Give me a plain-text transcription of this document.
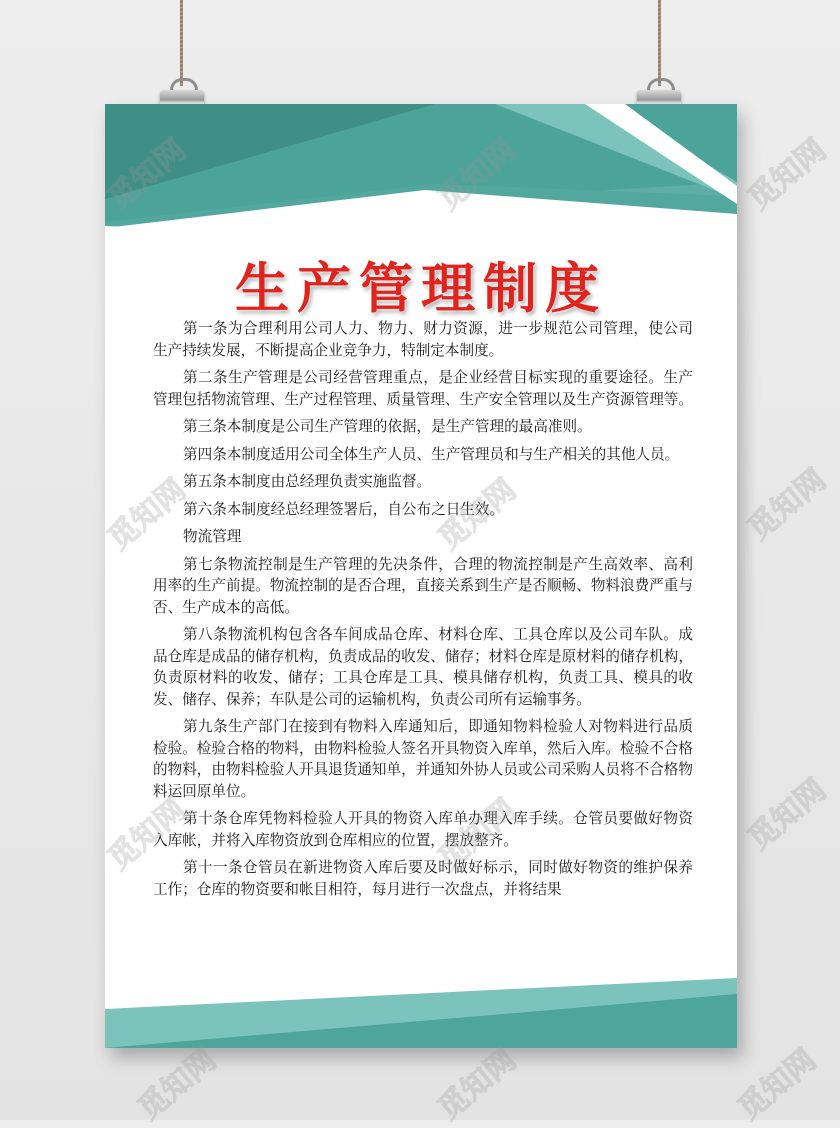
生产管理制度

第一条为合理利用公司人力、物力、财力资源，进一步规范公司管理，使公司生产持续发展，不断提高企业竞争力，特制定本制度。

第二条生产管理是公司经营管理重点，是企业经营目标实现的重要途径。生产管理包括物流管理、生产过程管理、质量管理、生产安全管理以及生产资源管理等。

第三条本制度是公司生产管理的依据，是生产管理的最高准则。

第四条本制度适用公司全体生产人员、生产管理员和与生产相关的其他人员。

第五条本制度由总经理负责实施监督。

第六条本制度经总经理签署后，自公布之日生效。

物流管理

第七条物流控制是生产管理的先决条件，合理的物流控制是产生高效率、高利用率的生产前提。物流控制的是否合理，直接关系到生产是否顺畅、物料浪费严重与否、生产成本的高低。

第八条物流机构包含各车间成品仓库、材料仓库、工具仓库以及公司车队。成品仓库是成品的储存机构，负责成品的收发、储存；材料仓库是原材料的储存机构，负责原材料的收发、储存；工具仓库是工具、模具储存机构，负责工具、模具的收发、储存、保养；车队是公司的运输机构，负责公司所有运输事务。

第九条生产部门在接到有物料入库通知后，即通知物料检验人对物料进行品质检验。检验合格的物料，由物料检验人签名开具物资入库单，然后入库。检验不合格的物料，由物料检验人开具退货通知单，并通知外协人员或公司采购人员将不合格物料运回原单位。

第十条仓库凭物料检验人开具的物资入库单办理入库手续。仓管员要做好物资入库帐，并将入库物资放到仓库相应的位置，摆放整齐。

第十一条仓管员在新进物资入库后要及时做好标示，同时做好物资的维护保养工作；仓库的物资要和帐目相符，每月进行一次盘点，并将结果

觅知网
觅知网
觅知网
觅知网	觅知网	觅知网
